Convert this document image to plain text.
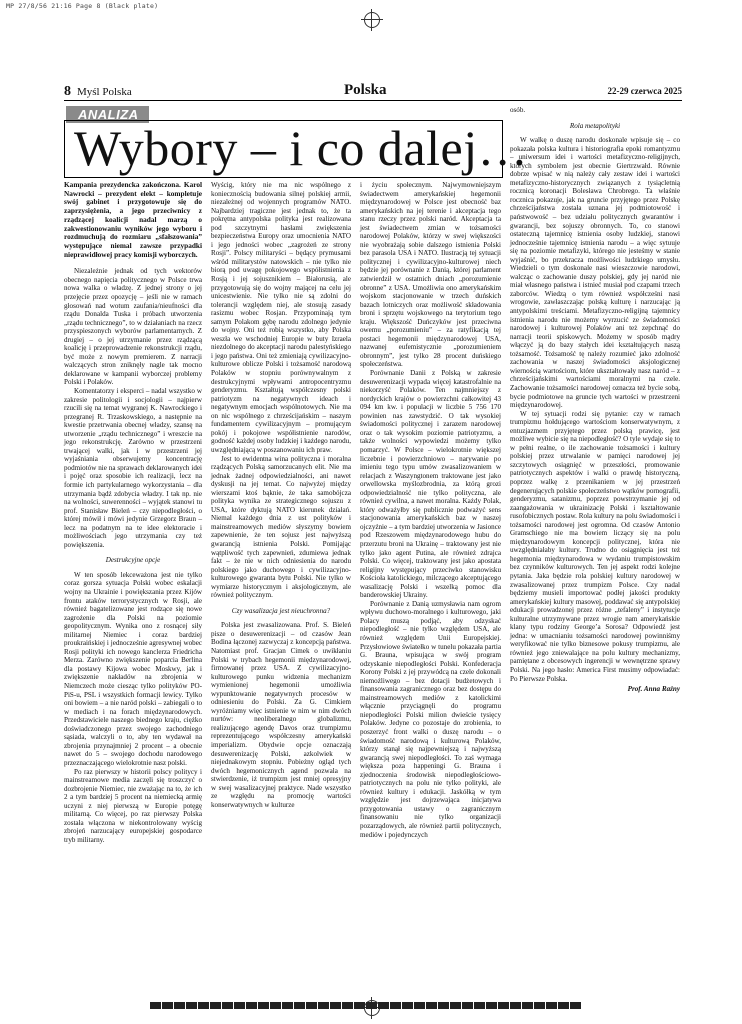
MP 27/8/56 21:16 Page 8 (Black plate)
8 Myśl Polska	Polska	22-29 czerwca 2025
ANALIZA
Wybory – i co dalej…

Kampania prezydencka zakończona. Karol Nawrocki – prezydent elekt – kompletuje swój gabinet i przygotowuje się do zaprzysiężenia, a jego przeciwnicy z rządzącej koalicji nadal marzą o zakwestionowaniu wyników jego wyboru i rozdmuchują do rozmiaru „sfałszowania” występujące niemal zawsze przypadki nieprawidłowej pracy komisji wyborczych.

Niezależnie jednak od tych wektorów obecnego napięcia politycznego w Polsce trwa nowa walka o władzę. Z jednej strony o jej przejęcie przez opozycję – jeśli nie w ramach głosowań nad wotum zaufania/nieufności dla rządu Donalda Tuska i próbach utworzenia „rządu technicznego”, to w działaniach na rzecz przyspieszonych wyborów parlamentarnych. Z drugiej – o jej utrzymanie przez rządzącą koalicję i przeprowadzenie rekonstrukcji rządu, być może z nowym premierem. Z narracji walczących stron zniknęły nagle tak mocno deklarowane w kampanii wyborczej problemy Polski i Polaków.

Komentatorzy i eksperci – nadal wszystko w zakresie politologii i socjologii – najpierw rzucili się na temat wygranej K. Nawrockiego i przegranej R. Trzaskowskiego, a następnie na kwestie przetrwania obecnej władzy, szansę na utworzenie „rządu technicznego” i wreszcie na jego rekonstrukcję. Zarówno w przestrzeni trwającej walki, jak i w przestrzeni jej wyjaśniania obserwujemy koncentrację podmiotów nie na sprawach deklarowanych idei i pojęć oraz sposobie ich realizacji, lecz na formie ich partykularnego wykorzystania – dla utrzymania bądź zdobycia władzy. I tak np. nie na wolności, suwerenności – wyjątek stanowi tu prof. Stanisław Bieleń – czy niepodległości, o której mówił i mówi jedynie Grzegorz Braun – lecz na podatnym na te idee elektoracie i możliwościach jego utrzymania czy też powiększenia.

Destrukcyjne opcje

W ten sposób lekceważona jest nie tylko coraz gorsza sytuacja Polski wobec eskalacji wojny na Ukrainie i powiększania przez Kijów frontu ataków terrorystycznych w Rosji, ale również bagatelizowane jest rodzące się nowe zagrożenie dla Polski na poziomie geopolitycznym. Wynika ono z rosnącej siły militarnej Niemiec i coraz bardziej proukraińskiej i jednocześnie agresywnej wobec Rosji polityki ich nowego kanclerza Friedricha Merza. Zarówno zwiększenie poparcia Berlina dla postawy Kijowa wobec Moskwy, jak i zwiększenie nakładów na zbrojenia w Niemczech może ciesząc tylko polityków PO-PiS-u, PSL i wszystkich formacji lewicy. Tylko oni bowiem – a nie naród polski – zabiegali o to w mediach i na forach międzynarodowych. Przedstawiciele naszego biednego kraju, ciężko doświadczonego przez swojego zachodniego sąsiada, walczyli o to, aby ten wydawał na zbrojenia przynajmniej 2 procent – a obecnie nawet do 5 – swojego dochodu narodowego przeznaczającego wielokrotnie nasz polski.

Po raz pierwszy w historii polscy politycy i mainstreamowe media zaczęli się troszczyć o dozbrojenie Niemiec, nie zważając na to, że ich 2 a tym bardziej 5 procent na niemiecką armię uczyni z niej pierwszą w Europie potęgę militarną. Co więcej, po raz pierwszy Polska została włączona w niekontrolowany wyścig zbrojeń narzucający europejskiej gospodarce tryb militarny.

Wyścig, który nie ma nic wspólnego z koniecznością budowania silnej polskiej armii, niezależnej od wojennych programów NATO. Najbardziej tragiczne jest jednak to, że ta pokrętna antypolska polityka jest realizowana pod szczytnymi hasłami zwiększenia bezpieczeństwa Europy oraz umocnienia NATO i jego jedności wobec „zagrożeń ze strony Rosji”. Polscy militaryści – będący prymusami wśród militarystów natowskich – nie tylko nie biorą pod uwagę pokojowego współistnienia z Rosją i jej sojusznikiem – Białorusią, ale przygotowują się do wojny mającej na celu jej unicestwienie. Nie tylko nie są zdolni do tolerancji względem niej, ale stosują zasady rasizmu wobec Rosjan. Przypominają tym samym Polakom gębę narodu zdolnego jedynie do wojny. Oni też robią wszystko, aby Polska weszła we wschodniej Europie w buty Izraela niezdolnego do akceptacji narodu palestyńskiego i jego państwa. Oni też zmieniają cywilizacyjno-kulturowe oblicze Polski i tożsamość narodową Polaków w stopniu porównywalnym z destrukcyjnymi wpływami antropocentryzmu genderyzmu. Kształtują współczesny polski patriotyzm na negatywnych ideach i negatywnym emocjach wspólnotowych. Nie ma on nic wspólnego z chrześcijańskim – naszym fundamentem cywilizacyjnym – promującym pokój i pokojowe współistnienie narodów, godność każdej osoby ludzkiej i każdego narodu, uwzględniającą w poszanowaniu ich praw.

Jest to ewidentna wina polityczna i moralna rządzących Polską samorzucanych elit. Nie ma jednak żadnej odpowiedzialności, ani nawet dyskusji na jej temat. Co najwyżej między wierszami ktoś bąknie, że taka samobójcza polityka wynika ze strategicznego sojuszu z USA, które dyktują NATO kierunek działań. Niemal każdego dnia z ust polityków i mainstreamowych mediów słyszymy bowiem zapewnienie, że ten sojusz jest najwyższą gwarancją istnienia Polski. Pomijając wątpliwość tych zapewnień, zdumiewa jednak fakt – że nie w nich odniesienia do narodu polskiego jako duchowego i cywilizacyjno-kulturowego gwaranta bytu Polski. Nie tylko w wymiarze historycznym i aksjologicznym, ale również politycznym.

Czy wasalizacja jest nieuchronna?

Polska jest zwasalizowana. Prof. S. Bieleń pisze o desuwerenizacji – od czasów Jean Bodina łączonej zazwyczaj z koncepcją państwa. Natomiast prof. Gracjan Cimek o uwikłaniu Polski w trybach hegemonii międzynarodowej, firmowanej przez USA. Z cywilizacyjno-kulturowego punku widzenia mechanizm wymienionej hegemonii umożliwia wypunktowanie negatywnych procesów w odniesieniu do Polski. Za G. Cimkiem wyróżniamy więc istnienie w nim w nim dwóch nurtów: neoliberalnego globalizmu, realizującego agendę Davos oraz trumpizmu reprezentującego współczesny amerykański imperializm. Obydwie opcje oznaczają desuwerenizację Polski, azkolwiek w niejednakowym stopniu. Pobieżny ogląd tych dwóch hegemonicznych agend pozwala na stwierdzenie, iż trumpizm jest mniej opresyjny w swej wasalizacyjnej praktyce. Nade wszystko ze względu na promocję wartości konserwatywnych w kulturze

i życiu społecznym. Najwymowniejszym świadectwem amerykańskiej hegemonii międzynarodowej w Polsce jest obecność baz amerykańskich na jej terenie i akceptacja tego stanu rzeczy przez polski naród. Akceptacja ta jest świadectwem zmian w tożsamości narodowej Polaków, którzy w swej większości nie wyobrażają sobie dalszego istnienia Polski bez parasola USA i NATO. Ilustracją tej sytuacji politycznej i cywilizacyjno-kulturowej niech będzie jej porównanie z Danią, której parlament zatwierdził w ostatnich dniach „porozumienie obronne” z USA. Umożliwia ono amerykańskim wojskom stacjonowanie w trzech duńskich bazach lotniczych oraz możliwość składowania broni i sprzętu wojskowego na terytorium tego kraju. Większość Duńczyków jest przeciwna owemu „porozumieniu” – za ratyfikacją tej postaci hegemonii międzynarodowej USA, nazwanej eufemistycznie „porozumieniem obronnym”, jest tylko 28 procent duńskiego społeczeństwa.

Porównanie Danii z Polską w zakresie desuwerenizacji wypada więcej katastrofalnie na niekorzyść Polaków. Ten najmniejszy z nordyckich krajów o powierzchni całkowitej 43 094 km kw. i populacji w liczbie 5 756 170 powinien nas zawstydzić. O tak wysokiej świadomości politycznej i zarazem narodowej oraz o tak wysokim poziomie patriotyzmu, a także wolności wypowiedzi możemy tylko pomarzyć. W Polsce – wielokrotnie większej liczebnie i powierzchniowo – narywanie po imieniu tego typu umów zwasalizowaniem w relacjach z Waszyngtonem traktowane jest jako orwellowska myślozbrodnia, za którą grozi odpowiedzialność nie tylko polityczna, ale również cywilna, a nawet moralna. Każdy Polak, który odważyłby się publicznie podważyć sens stacjonowania amerykańskich baz w naszej ojczyźnie – a tym bardziej utworzenia w Jasionce pod Rzeszowem międzynarodowego hubu do przerzutu broni na Ukrainę – traktowany jest nie tylko jako agent Putina, ale również zdrajca Polski. Co więcej, traktowany jest jako apostata religijny występujący przeciwko stanowisku Kościoła katolickiego, milczącego akceptującego wasalizację Polski i wszelką pomoc dla banderowskiej Ukrainy.

Porównanie z Danią uzmysławia nam ogrom wpływu duchowo-moralnego i kulturowego, jaki Polacy muszą podjąć, aby odzyskać niepodległość – nie tylko względem USA, ale również względem Unii Europejskiej. Przysłowiowe światełko w tunelu pokazała partia G. Brauna, wpisująca w swój program odzyskanie niepodległości Polski. Konfederacja Korony Polski z jej przywódcą na czele dokonali niemożliwego – bez dotacji budżetowych i finansowania zagranicznego oraz bez dostępu do mainstreamowych mediów z katolickimi włącznie przyciągnęli do programu niepodległości Polski milion dwieście tysięcy Polaków. Jedyne co pozostaje do zrobienia, to poszerzyć front walki o duszę narodu – o świadomość narodową i kulturową Polaków, którzy stanął się najpewniejszą i najwyższą gwarancją swej niepodległości. To zaś wymaga większa poza happeningi G. Brauna i zjednoczenia środowisk niepodległościowo-patriotycznych na polu nie tylko polityki, ale również kultury i edukacji. Jaskółką w tym względzie jest dojrzewająca inicjatywa przygotowania ustawy o zagranicznym finansowaniu nie tylko organizacji pozarządowych, ale również partii politycznych, mediów i pojedynczych

osób.

Rola metapolityki

W walkę o duszę narodu doskonale wpisuje się – co pokazała polska kultura i historiografia epoki romantyzmu – uniwersum idei i wartości metafizyczno-religijnych, których symbolem jest obecnie Giertrzwałd. Równie dobrze wpisać w nią należy cały zestaw idei i wartości metafizyczno-historycznych związanych z tysiącletnią rocznicą koronacji Bolesława Chrobrego. Ta właśnie rocznica pokazuje, jak na gruncie przyjętego przez Polskę chrześcijaństwa została uznana jej podmiotowość i państwowość – bez udziału politycznych gwarantów i gwarancji, bez sojuszy obronnych. To, co stanowi ostateczną tajemnicę istnienia osoby ludzkiej, stanowi jednocześnie tajemnicę istnienia narodu – a więc sytuuje się na poziomie metafizyki, którego nie jesteśmy w stanie wyjaśnić, bo przekracza możliwości ludzkiego umysłu. Wiedzieli o tym doskonale nasi wieszczowie narodowi, walcząc o zachowanie duszy polskiej, gdy jej naród nie miał własnego państwa i istnieć musiał pod czapami trzech zaborców. Wiedzą o tym również współcześni nasi wrogowie, zawłaszczając polską kulturę i narzucając ją antypolskimi treściami. Metafizyczno-religijną tajemnicy istnienia narodu nie możemy wyrzucić ze świadomości narodowej i kulturowej Polaków ani też zepchnąć do narracji teorii spiskowych. Możemy w sposób mądry włączyć ją do bazy stałych idei kształtujących naszą tożsamość. Tożsamość tę należy rozumieć jako zdolność zachowania w naszej świadomości aksjologicznej wiernością wartościom, które ukształtowały nasz naród – z chrześcijańskimi wartościami moralnymi na czele. Zachowanie tożsamości narodowej oznacza też bycie sobą, bycie podmiotowe na gruncie tych wartości w przestrzeni międzynarodowej.

W tej sytuacji rodzi się pytanie: czy w ramach trumpizmu hołdującego wartościom konserwatywnym, z entuzjazmem przyjętego przez polską prawicę, jest możliwe wybicie się na niepodległość? O tyle wydaje się to w pełni realne, o ile zachowanie tożsamości i kultury polskiej przez utrwalanie w pamięci narodowej jej szczytowych osiągnięć w przeszłości, promowanie patriotycznych aspektów i walki o prawdę historyczną, poprzez walkę z przenikaniem w jej przestrzeń degenerujących polskie społeczeństwo wątków pornografii, genderyzmu, satanizmu, poprzez powstrzymanie jej od zaangażowania w ukrainizację Polski i kształtowanie rusofobicznych postaw. Rola kultury na polu świadomości i tożsamości narodowej jest ogromna. Od czasów Antonio Gramschiego nie ma bowiem liczący się na polu międzynarodowym koncepcji politycznej, która nie uwzględniałaby kultury. Trudno do osiągnięcia jest też hegemonia międzynarodowa w wydaniu trumpistowskim bez czynników kulturowych. Ten jej aspekt rodzi kolejne pytania. Jaka będzie rola polskiej kultury narodowej w zwasalizowanej przez trumpizm Polsce. Czy nadal będziemy musieli importować podłej jakości produkty amerykańskiej kultury masowej, poddawać się antypolskiej edukacji prowadzonej przez różne „tefaleny” i instytucje kulturalne utrzymywane przez wrogie nam amerykańskie klany typu rodziny George’a Sorosa? Odpowiedź jest jedna: w umacnianiu tożsamości narodowej powinniśmy weryfikować nie tylko biznesowe pokusy trumpizmu, ale również jego zniewalające na polu kultury mechanizmy, pamiętane z obcesowych ingerencji w wewnętrzne sprawy Polski. Na jego hasło: America First musimy odpowiadać: Po Pierwsze Polska.

Prof. Anna Raźny
